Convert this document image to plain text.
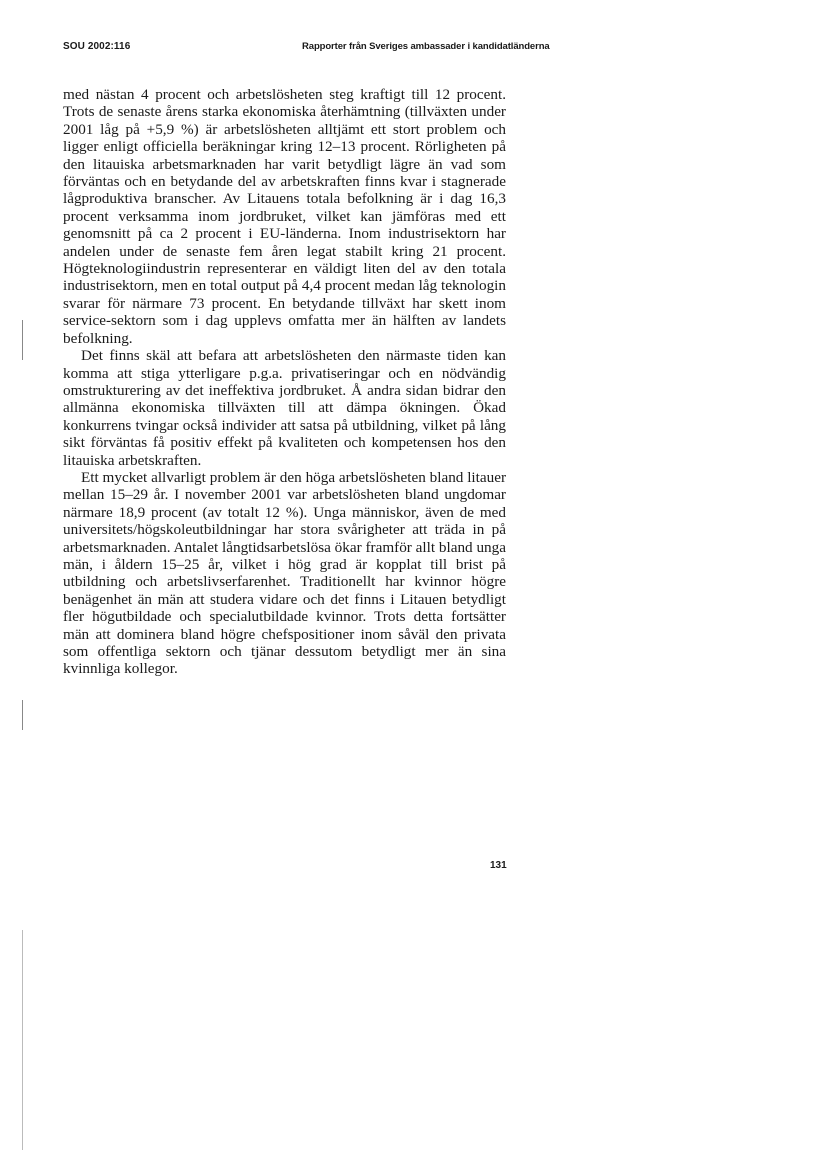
SOU 2002:116	Rapporter från Sveriges ambassader i kandidatländerna

med nästan 4 procent och arbetslösheten steg kraftigt till 12 procent. Trots de senaste årens starka ekonomiska återhämtning (tillväxten under 2001 låg på +5,9 %) är arbetslösheten alltjämt ett stort problem och ligger enligt officiella beräkningar kring 12–13 procent. Rörligheten på den litauiska arbetsmarknaden har varit betydligt lägre än vad som förväntas och en betydande del av arbetskraften finns kvar i stagnerade lågproduktiva branscher. Av Litauens totala befolkning är i dag 16,3 procent verksamma inom jordbruket, vilket kan jämföras med ett genomsnitt på ca 2 procent i EU-länderna. Inom industrisektorn har andelen under de senaste fem åren legat stabilt kring 21 procent. Högteknologiindustrin representerar en väldigt liten del av den totala industrisektorn, men en total output på 4,4 procent medan låg teknologin svarar för närmare 73 procent. En betydande tillväxt har skett inom service-sektorn som i dag upplevs omfatta mer än hälften av landets befolkning.

Det finns skäl att befara att arbetslösheten den närmaste tiden kan komma att stiga ytterligare p.g.a. privatiseringar och en nödvändig omstrukturering av det ineffektiva jordbruket. Å andra sidan bidrar den allmänna ekonomiska tillväxten till att dämpa ökningen. Ökad konkurrens tvingar också individer att satsa på utbildning, vilket på lång sikt förväntas få positiv effekt på kvaliteten och kompetensen hos den litauiska arbetskraften.

Ett mycket allvarligt problem är den höga arbetslösheten bland litauer mellan 15–29 år. I november 2001 var arbetslösheten bland ungdomar närmare 18,9 procent (av totalt 12 %). Unga människor, även de med universitets/högskoleutbildningar har stora svårigheter att träda in på arbetsmarknaden. Antalet långtidsarbetslösa ökar framför allt bland unga män, i åldern 15–25 år, vilket i hög grad är kopplat till brist på utbildning och arbetslivserfarenhet. Traditionellt har kvinnor högre benägenhet än män att studera vidare och det finns i Litauen betydligt fler högutbildade och specialutbildade kvinnor. Trots detta fortsätter män att dominera bland högre chefspositioner inom såväl den privata som offentliga sektorn och tjänar dessutom betydligt mer än sina kvinnliga kollegor.

131
